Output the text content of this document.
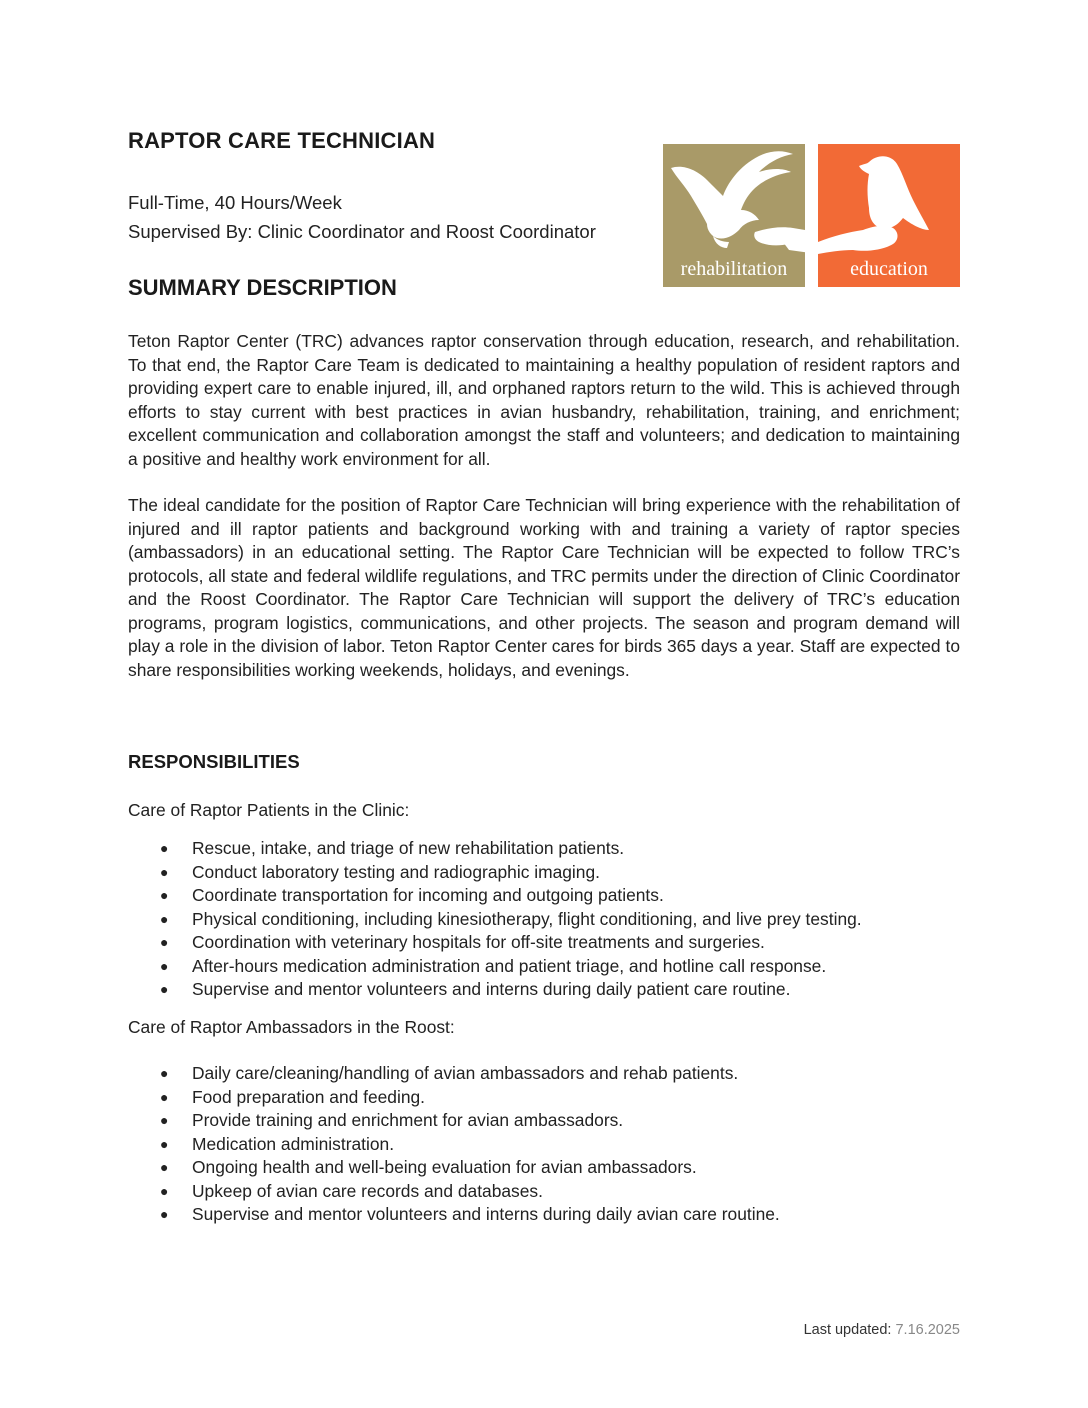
RAPTOR CARE TECHNICIAN
Full-Time, 40 Hours/Week
Supervised By: Clinic Coordinator and Roost Coordinator
rehabilitation	education
SUMMARY DESCRIPTION

Teton Raptor Center (TRC) advances raptor conservation through education, research, and rehabilitation. To that end, the Raptor Care Team is dedicated to maintaining a healthy population of resident raptors and providing expert care to enable injured, ill, and orphaned raptors return to the wild. This is achieved through efforts to stay current with best practices in avian husbandry, rehabilitation, training, and enrichment; excellent communication and collaboration amongst the staff and volunteers; and dedication to maintaining a positive and healthy work environment for all.

The ideal candidate for the position of Raptor Care Technician will bring experience with the rehabilitation of injured and ill raptor patients and background working with and training a variety of raptor species (ambassadors) in an educational setting. The Raptor Care Technician will be expected to follow TRC’s protocols, all state and federal wildlife regulations, and TRC permits under the direction of Clinic Coordinator and the Roost Coordinator. The Raptor Care Technician will support the delivery of TRC’s education programs, program logistics, communications, and other projects. The season and program demand will play a role in the division of labor. Teton Raptor Center cares for birds 365 days a year. Staff are expected to share responsibilities working weekends, holidays, and evenings.

RESPONSIBILITIES
Care of Raptor Patients in the Clinic:
● Rescue, intake, and triage of new rehabilitation patients.
● Conduct laboratory testing and radiographic imaging.
● Coordinate transportation for incoming and outgoing patients.
● Physical conditioning, including kinesiotherapy, flight conditioning, and live prey testing.
● Coordination with veterinary hospitals for off-site treatments and surgeries.
● After-hours medication administration and patient triage, and hotline call response.
● Supervise and mentor volunteers and interns during daily patient care routine.
Care of Raptor Ambassadors in the Roost:
● Daily care/cleaning/handling of avian ambassadors and rehab patients.
● Food preparation and feeding.
● Provide training and enrichment for avian ambassadors.
● Medication administration.
● Ongoing health and well-being evaluation for avian ambassadors.
● Upkeep of avian care records and databases.
● Supervise and mentor volunteers and interns during daily avian care routine.
Last updated: 7.16.2025
